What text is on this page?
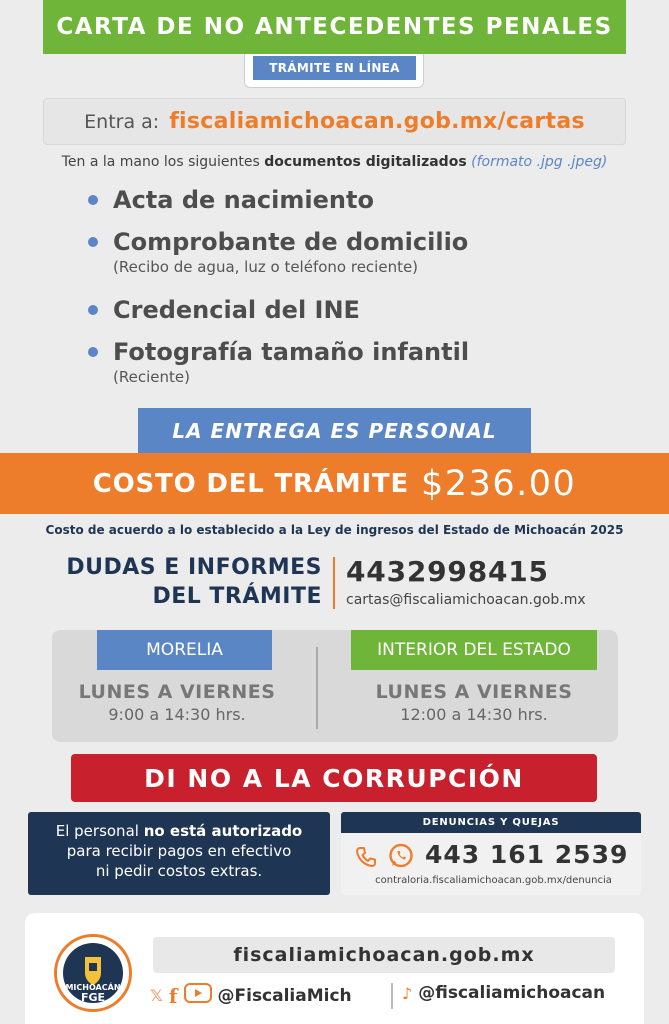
CARTA DE NO ANTECEDENTES PENALES
TRÁMITE EN LÍNEA
Entra a: fiscaliamichoacan.gob.mx/cartas
Ten a la mano los siguientes documentos digitalizados (formato .jpg .jpeg)
Acta de nacimiento
Comprobante de domicilio
(Recibo de agua, luz o teléfono reciente)
Credencial del INE
Fotografía tamaño infantil
(Reciente)
LA ENTREGA ES PERSONAL
COSTO DEL TRÁMITE $236.00
Costo de acuerdo a lo establecido a la Ley de ingresos del Estado de Michoacán 2025
DUDAS E INFORMES
DEL TRÁMITE
4432998415
cartas@fiscaliamichoacan.gob.mx
MORELIA	INTERIOR DEL ESTADO
LUNES A VIERNES
9:00 a 14:30 hrs.
LUNES A VIERNES
12:00 a 14:30 hrs.
DI NO A LA CORRUPCIÓN
El personal no está autorizado
para recibir pagos en efectivo
ni pedir costos extras.
DENUNCIAS Y QUEJAS
443 161 2539
contraloria.fiscaliamichoacan.gob.mx/denuncia
MICHOACÁN
FGE
fiscaliamichoacan.gob.mx
𝕏 f @FiscaliaMich	♪ @fiscaliamichoacan
